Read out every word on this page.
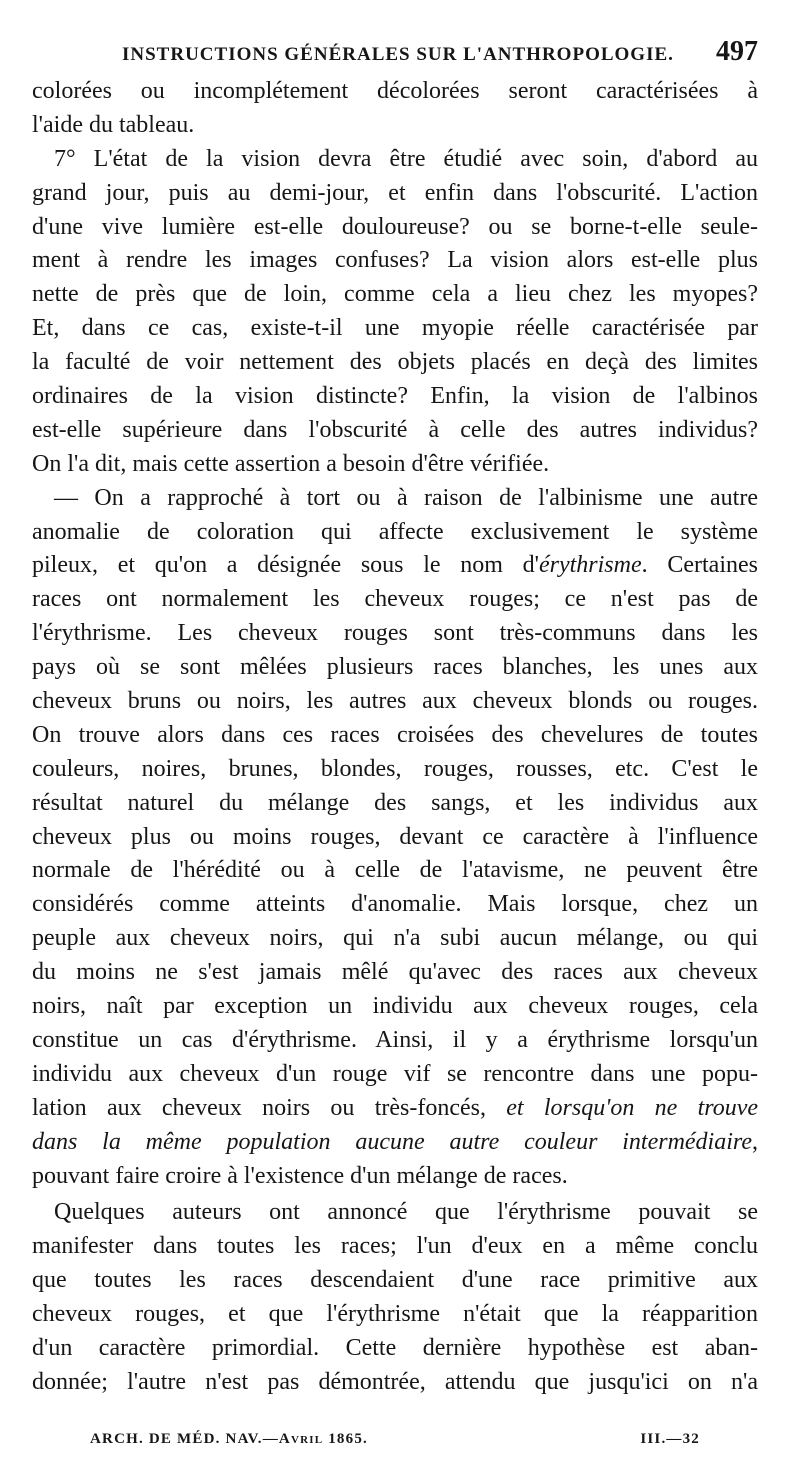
INSTRUCTIONS GÉNÉRALES SUR L'ANTHROPOLOGIE. 497
colorées ou incomplétement décolorées seront caractérisées à
l'aide du tableau.
7° L'état de la vision devra être étudié avec soin, d'abord au
grand jour, puis au demi-jour, et enfin dans l'obscurité. L'action
d'une vive lumière est-elle douloureuse? ou se borne-t-elle seule-
ment à rendre les images confuses? La vision alors est-elle plus
nette de près que de loin, comme cela a lieu chez les myopes?
Et, dans ce cas, existe-t-il une myopie réelle caractérisée par
la faculté de voir nettement des objets placés en deçà des limites
ordinaires de la vision distincte? Enfin, la vision de l'albinos
est-elle supérieure dans l'obscurité à celle des autres individus?
On l'a dit, mais cette assertion a besoin d'être vérifiée.
— On a rapproché à tort ou à raison de l'albinisme une autre
anomalie de coloration qui affecte exclusivement le système
pileux, et qu'on a désignée sous le nom d'érythrisme. Certaines
races ont normalement les cheveux rouges; ce n'est pas de
l'érythrisme. Les cheveux rouges sont très-communs dans les
pays où se sont mêlées plusieurs races blanches, les unes aux
cheveux bruns ou noirs, les autres aux cheveux blonds ou rouges.
On trouve alors dans ces races croisées des chevelures de toutes
couleurs, noires, brunes, blondes, rouges, rousses, etc. C'est le
résultat naturel du mélange des sangs, et les individus aux
cheveux plus ou moins rouges, devant ce caractère à l'influence
normale de l'hérédité ou à celle de l'atavisme, ne peuvent être
considérés comme atteints d'anomalie. Mais lorsque, chez un
peuple aux cheveux noirs, qui n'a subi aucun mélange, ou qui
du moins ne s'est jamais mêlé qu'avec des races aux cheveux
noirs, naît par exception un individu aux cheveux rouges, cela
constitue un cas d'érythrisme. Ainsi, il y a érythrisme lorsqu'un
individu aux cheveux d'un rouge vif se rencontre dans une popu-
lation aux cheveux noirs ou très-foncés, et lorsqu'on ne trouve
dans la même population aucune autre couleur intermédiaire,
pouvant faire croire à l'existence d'un mélange de races.
Quelques auteurs ont annoncé que l'érythrisme pouvait se
manifester dans toutes les races; l'un d'eux en a même conclu
que toutes les races descendaient d'une race primitive aux
cheveux rouges, et que l'érythrisme n'était que la réapparition
d'un caractère primordial. Cette dernière hypothèse est aban-
donnée; l'autre n'est pas démontrée, attendu que jusqu'ici on n'a
ARCH. DE MÉD. NAV.—Avril 1865.	III.—32
